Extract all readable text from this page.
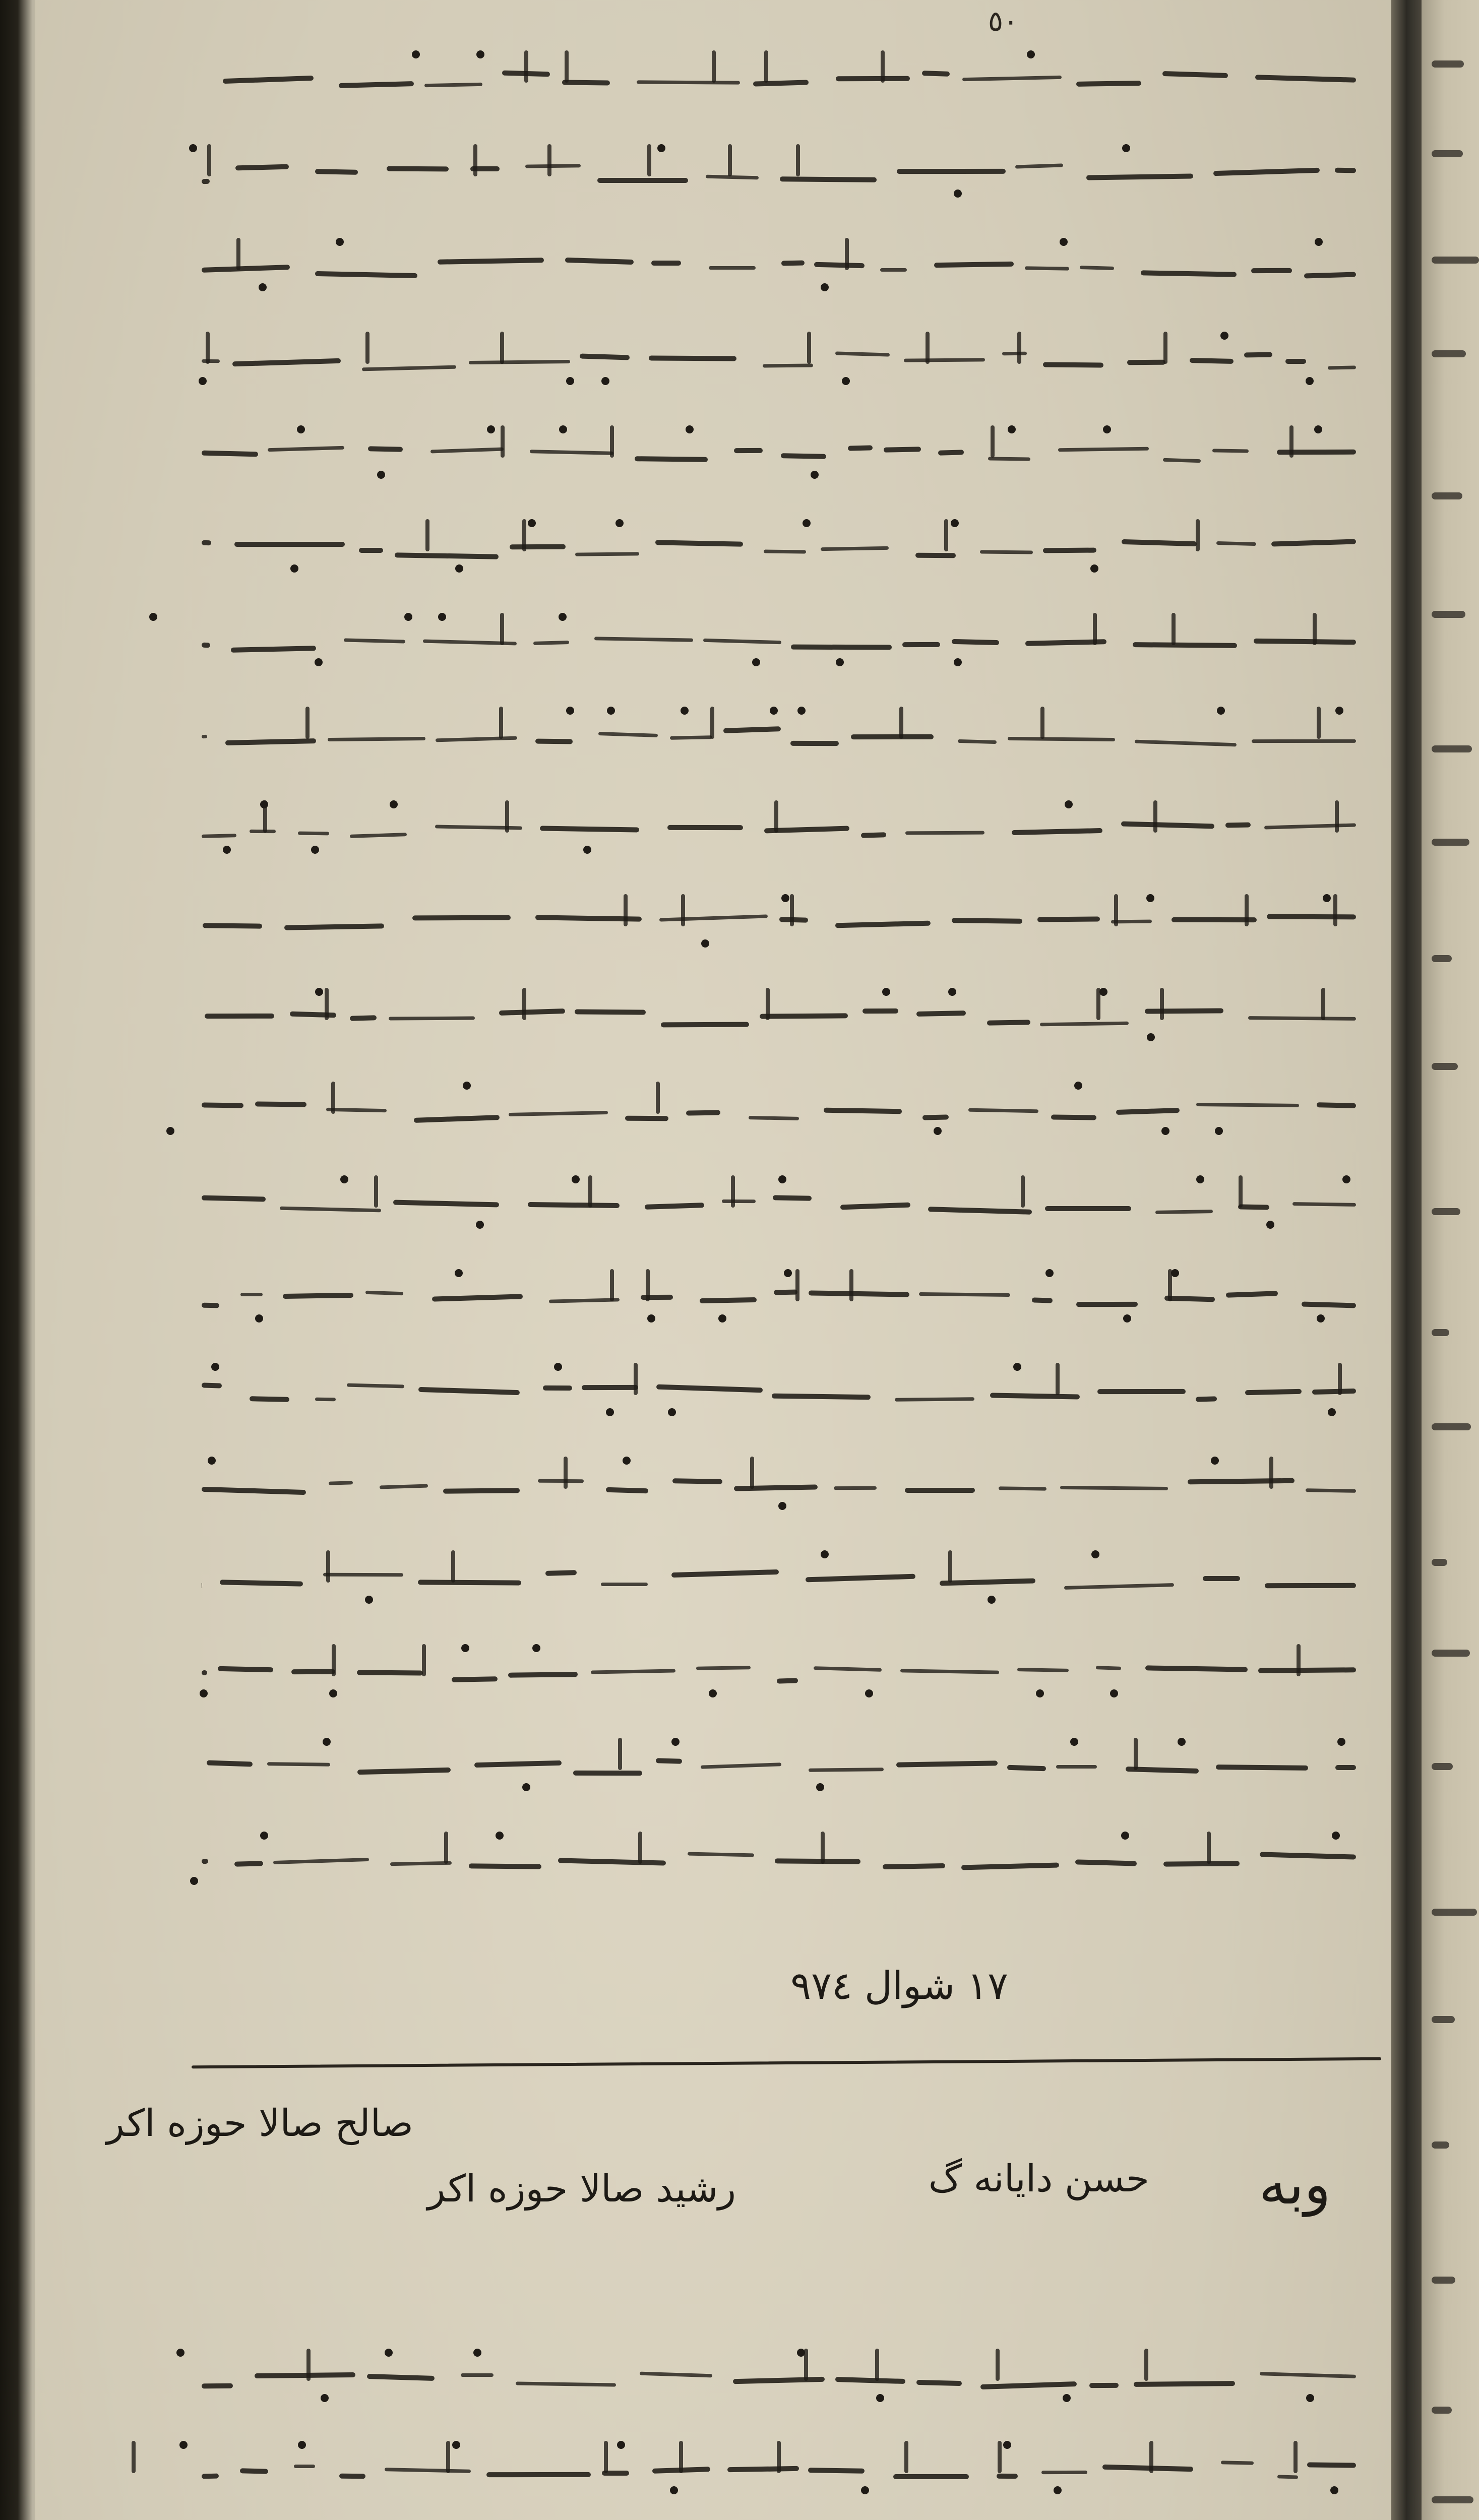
٥٠
١٧ شوال ٩٧٤
وبه
حسن دایانه گ
رشید صالا حوزه اکر
صالح صالا حوزه اکر
